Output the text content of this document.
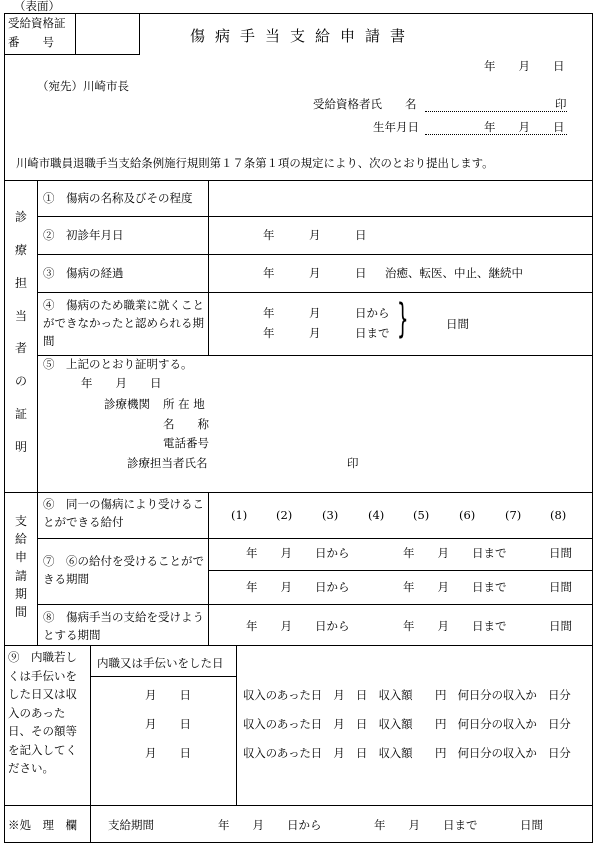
（表面）
受給資格証
番　　号	傷病手当支給申請書
年　　月　　日
（宛先）川崎市長
受給資格者氏　　名	印
生年月日	年　　月　　日
川崎市職員退職手当支給条例施行規則第１７条第１項の規定により、次のとおり提出します。
診
療
担
当
者
の
証
明
①　傷病の名称及びその程度
②　初診年月日	年　　　月　　　日
③　傷病の経過	年　　　月　　　日 治癒、転医、中止、継続中
④　傷病のため職業に就くことができなかったと認められる期間
年　　　月　　　日から
年　　　月　　　日まで }	日間
⑤　上記のとおり証明する。
年　　月　　日
診療機関 所 在 地
名　　称
電話番号
診療担当者氏名	印
支
給
申
請
期
間
⑥　同一の傷病により受けることができる給付	(1) (2)	(3)	(4) (5)	(6)	(7) (8)
⑦　⑥の給付を受けることができる期間
年　　月　　日から	年　　月　　日まで	日間
年　　月　　日から	年　　月　　日まで	日間
⑧　傷病手当の支給を受けようとする期間
年　　月　　日から	年　　月　　日まで	日間
⑨　内職若しくは手伝いをした日又は収入のあった日、その額等を記入してください。
内職又は手伝いをした日
月　　日	収入のあった日　月　日　収入額　　円　何日分の収入か　日分
月　　日	収入のあった日　月　日　収入額　　円　何日分の収入か　日分
月　　日	収入のあった日　月　日　収入額　　円　何日分の収入か　日分
※処　理　欄	支給期間	年　　月　　日から	年　　月　　日まで	日間
